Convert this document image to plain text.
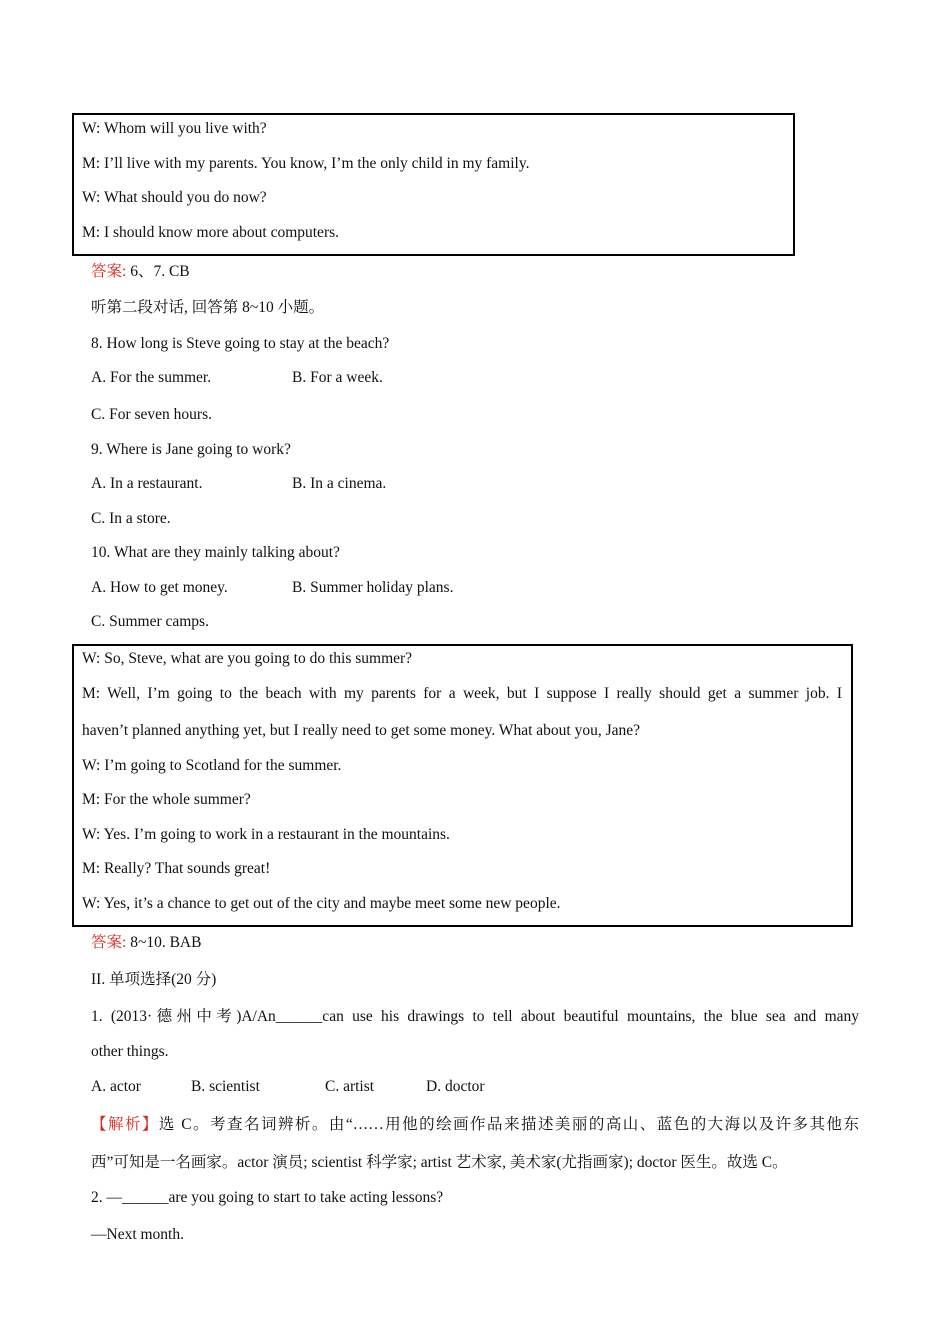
W: Whom will you live with?
M: I’ll live with my parents. You know, I’m the only child in my family.
W: What should you do now?
M: I should know more about computers.
答案: 6、7. CB
听第二段对话, 回答第 8~10 小题。
8. How long is Steve going to stay at the beach?
A. For the summer.	B. For a week.
C. For seven hours.
9. Where is Jane going to work?
A. In a restaurant.	B. In a cinema.
C. In a store.
10. What are they mainly talking about?
A. How to get money.	B. Summer holiday plans.
C. Summer camps.
W: So, Steve, what are you going to do this summer?
M: Well, I’m going to the beach with my parents for a week, but I suppose I really should get a summer job. I
haven’t planned anything yet, but I really need to get some money. What about you, Jane?
W: I’m going to Scotland for the summer.
M: For the whole summer?
W: Yes. I’m going to work in a restaurant in the mountains.
M: Really? That sounds great!
W: Yes, it’s a chance to get out of the city and maybe meet some new people.
答案: 8~10. BAB
II. 单项选择(20 分)
1. (2013·德州中考)A/An______can use his drawings to tell about beautiful mountains, the blue sea and many
other things.
A. actor	B. scientist	C. artist	D. doctor
【解析】选 C。考查名词辨析。由“……用他的绘画作品来描述美丽的高山、蓝色的大海以及许多其他东
西”可知是一名画家。actor 演员; scientist 科学家; artist 艺术家, 美术家(尤指画家); doctor 医生。故选 C。
2. —______are you going to start to take acting lessons?
—Next month.
